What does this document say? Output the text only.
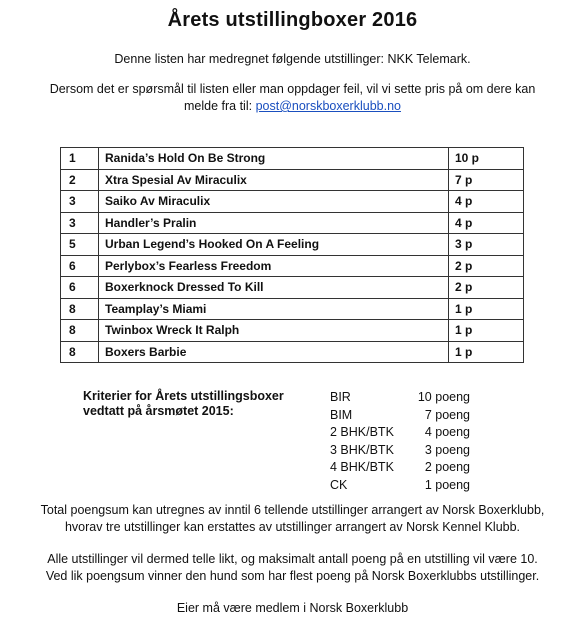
Årets utstillingboxer 2016
Denne listen har medregnet følgende utstillinger: NKK Telemark.
Dersom det er spørsmål til listen eller man oppdager feil, vil vi sette pris på om dere kan
melde fra til: post@norskboxerklubb.no
1	Ranida’s Hold On Be Strong	10 p
2	Xtra Spesial Av Miraculix	7 p
3	Saiko Av Miraculix	4 p
3	Handler’s Pralin	4 p
5	Urban Legend’s Hooked On A Feeling	3 p
6	Perlybox’s Fearless Freedom	2 p
6	Boxerknock Dressed To Kill	2 p
8	Teamplay’s Miami	1 p
8	Twinbox Wreck It Ralph	1 p
8	Boxers Barbie	1 p
Kriterier for Årets utstillingsboxer
vedtatt på årsmøtet 2015:
BIR	10 poeng
BIM	7 poeng
2 BHK/BTK 4 poeng
3 BHK/BTK 3 poeng
4 BHK/BTK 2 poeng
CK	1 poeng
Total poengsum kan utregnes av inntil 6 tellende utstillinger arrangert av Norsk Boxerklubb,
hvorav tre utstillinger kan erstattes av utstillinger arrangert av Norsk Kennel Klubb.
Alle utstillinger vil dermed telle likt, og maksimalt antall poeng på en utstilling vil være 10.
Ved lik poengsum vinner den hund som har flest poeng på Norsk Boxerklubbs utstillinger.
Eier må være medlem i Norsk Boxerklubb
